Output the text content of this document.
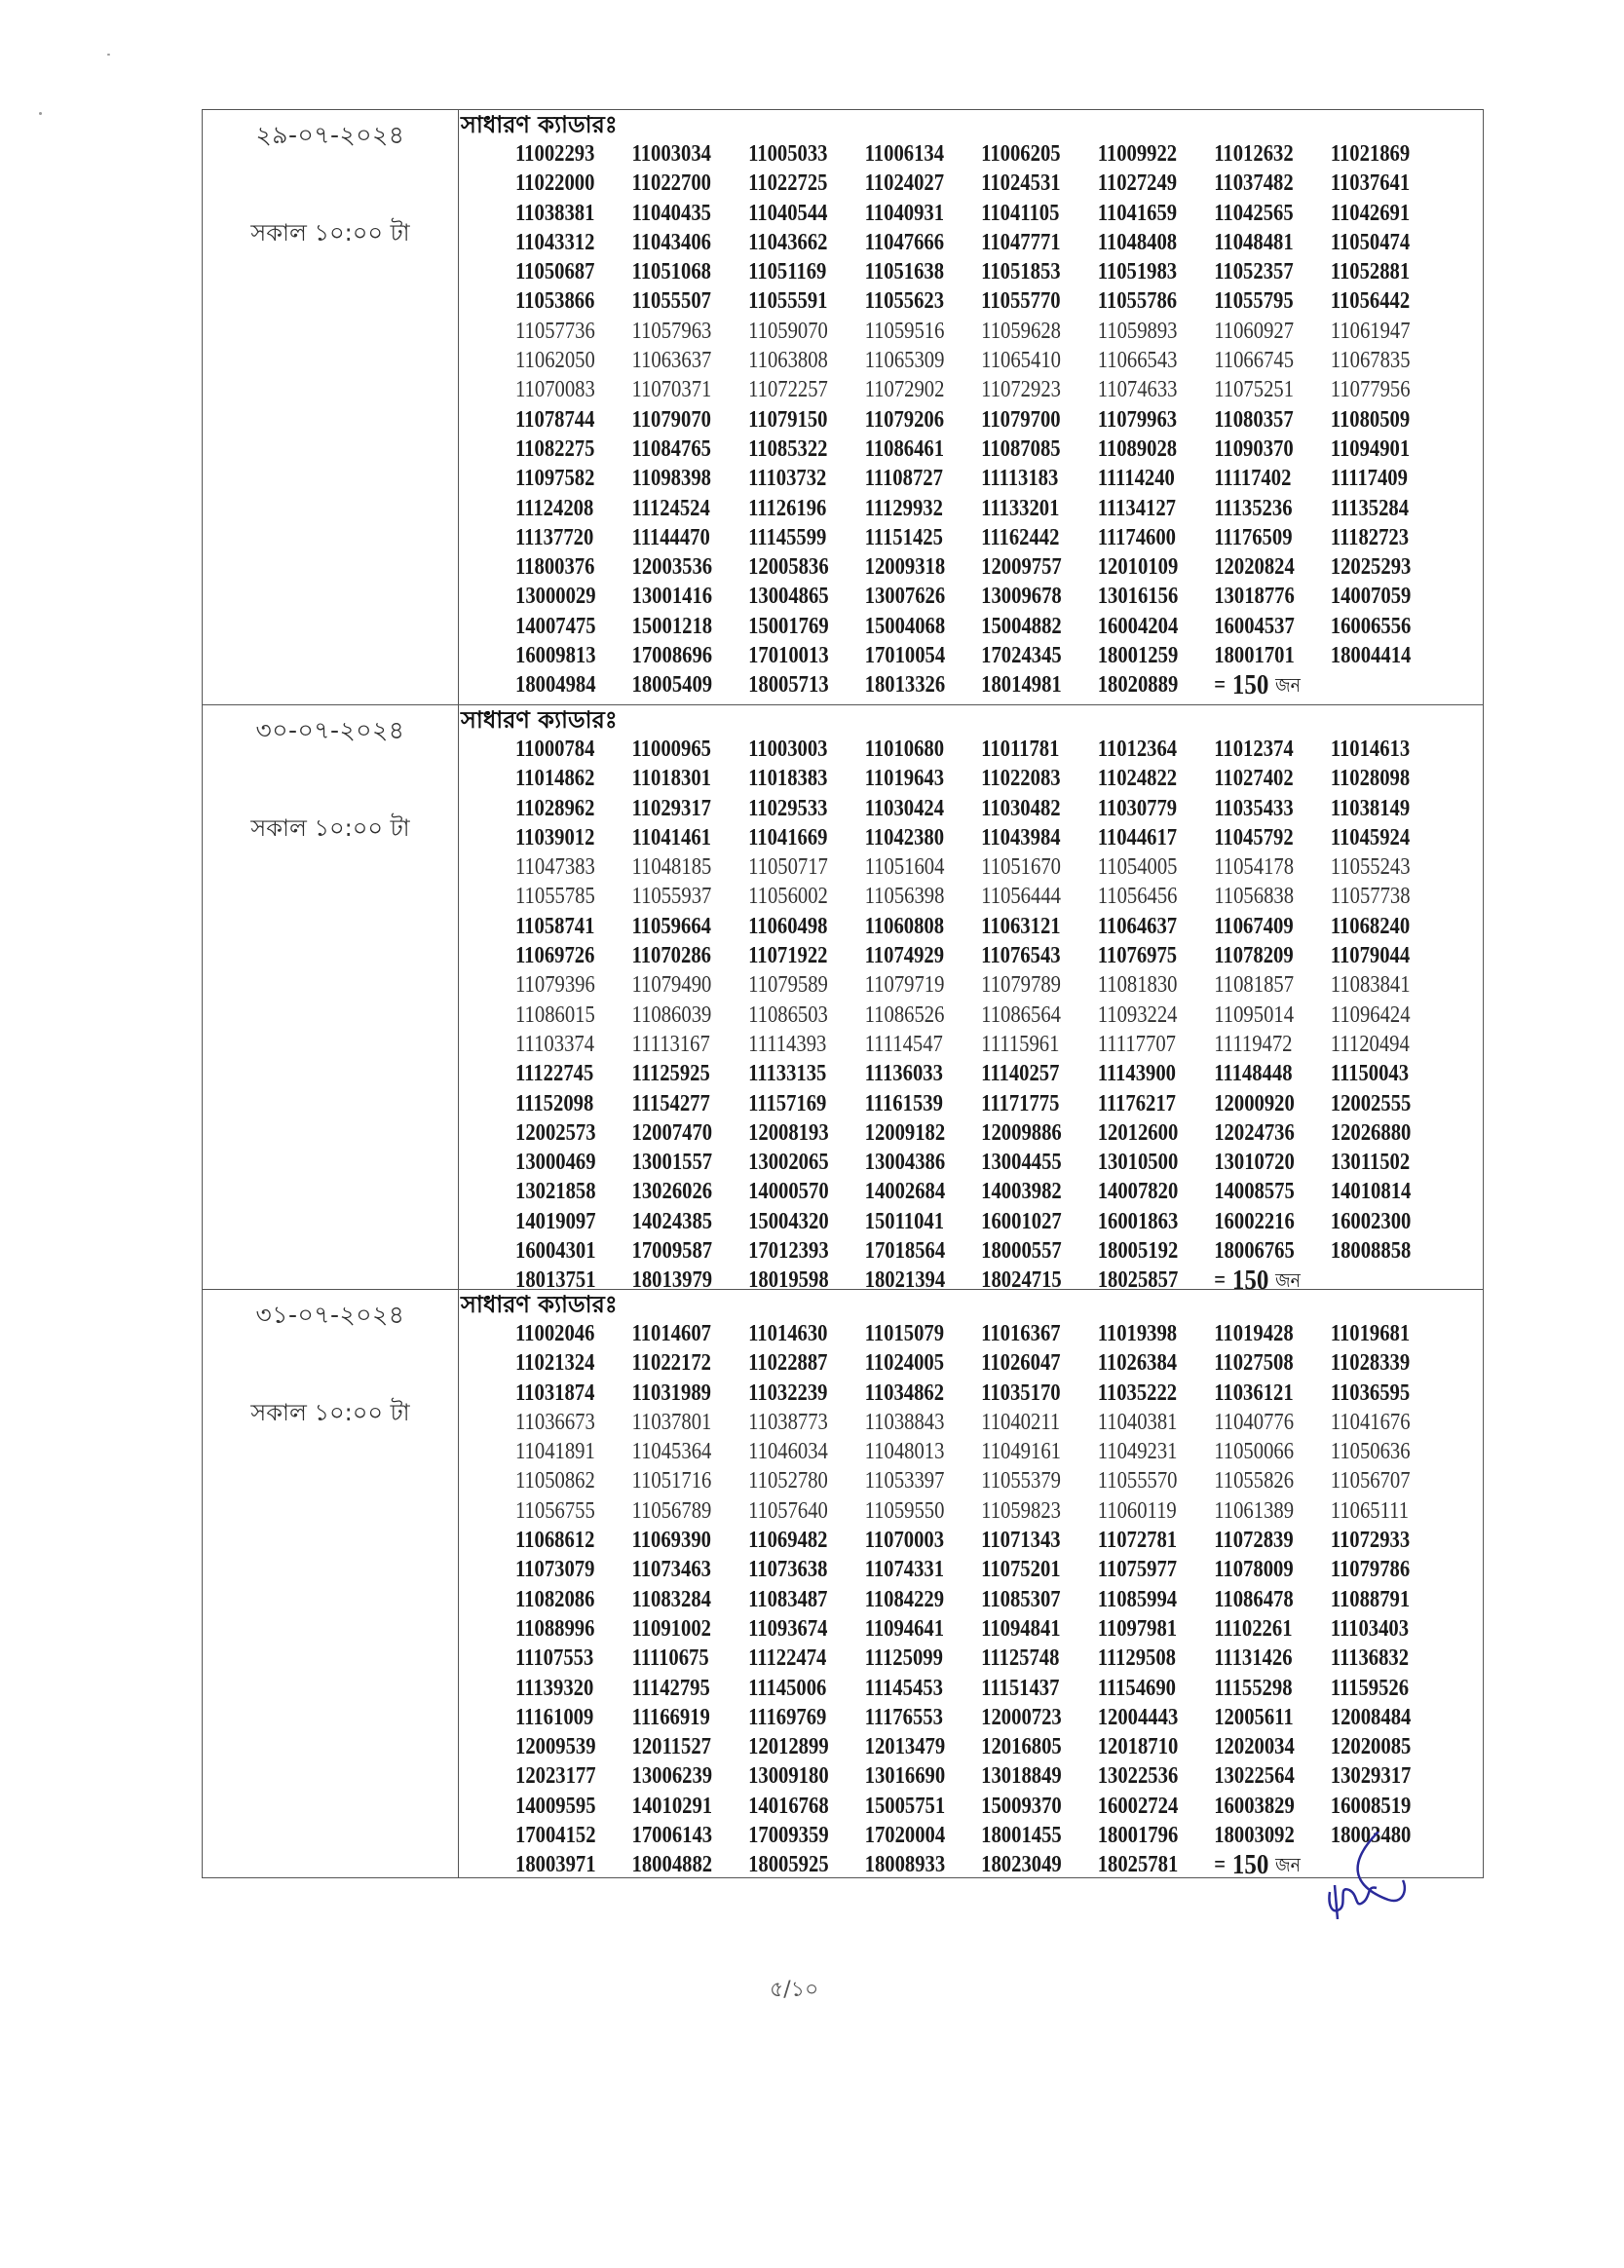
২৯-০৭-২০২৪
সকাল ১০:০০ টা
সাধারণ ক্যাডারঃ
11002293	11003034	11005033	11006134	11006205	11009922	11012632	11021869
11022000	11022700	11022725	11024027	11024531	11027249	11037482	11037641
11038381	11040435	11040544	11040931	11041105	11041659	11042565	11042691
11043312	11043406	11043662	11047666	11047771	11048408	11048481	11050474
11050687	11051068	11051169	11051638	11051853	11051983	11052357	11052881
11053866	11055507	11055591	11055623	11055770	11055786	11055795	11056442
11057736	11057963	11059070	11059516	11059628	11059893	11060927	11061947
11062050	11063637	11063808	11065309	11065410	11066543	11066745	11067835
11070083	11070371	11072257	11072902	11072923	11074633	11075251	11077956
11078744	11079070	11079150	11079206	11079700	11079963	11080357	11080509
11082275	11084765	11085322	11086461	11087085	11089028	11090370	11094901
11097582	11098398	11103732	11108727	11113183	11114240	11117402	11117409
11124208	11124524	11126196	11129932	11133201	11134127	11135236	11135284
11137720	11144470	11145599	11151425	11162442	11174600	11176509	11182723
11800376	12003536	12005836	12009318	12009757	12010109	12020824	12025293
13000029	13001416	13004865	13007626	13009678	13016156	13018776	14007059
14007475	15001218	15001769	15004068	15004882	16004204	16004537	16006556
16009813	17008696	17010013	17010054	17024345	18001259	18001701	18004414
18004984	18005409	18005713	18013326	18014981	18020889	= 150 জন
৩০-০৭-২০২৪
সকাল ১০:০০ টা
সাধারণ ক্যাডারঃ
11000784	11000965	11003003	11010680	11011781	11012364	11012374	11014613
11014862	11018301	11018383	11019643	11022083	11024822	11027402	11028098
11028962	11029317	11029533	11030424	11030482	11030779	11035433	11038149
11039012	11041461	11041669	11042380	11043984	11044617	11045792	11045924
11047383	11048185	11050717	11051604	11051670	11054005	11054178	11055243
11055785	11055937	11056002	11056398	11056444	11056456	11056838	11057738
11058741	11059664	11060498	11060808	11063121	11064637	11067409	11068240
11069726	11070286	11071922	11074929	11076543	11076975	11078209	11079044
11079396	11079490	11079589	11079719	11079789	11081830	11081857	11083841
11086015	11086039	11086503	11086526	11086564	11093224	11095014	11096424
11103374	11113167	11114393	11114547	11115961	11117707	11119472	11120494
11122745	11125925	11133135	11136033	11140257	11143900	11148448	11150043
11152098	11154277	11157169	11161539	11171775	11176217	12000920	12002555
12002573	12007470	12008193	12009182	12009886	12012600	12024736	12026880
13000469	13001557	13002065	13004386	13004455	13010500	13010720	13011502
13021858	13026026	14000570	14002684	14003982	14007820	14008575	14010814
14019097	14024385	15004320	15011041	16001027	16001863	16002216	16002300
16004301	17009587	17012393	17018564	18000557	18005192	18006765	18008858
18013751	18013979	18019598	18021394	18024715	18025857	= 150 জন
৩১-০৭-২০২৪
সকাল ১০:০০ টা
সাধারণ ক্যাডারঃ
11002046	11014607	11014630	11015079	11016367	11019398	11019428	11019681
11021324	11022172	11022887	11024005	11026047	11026384	11027508	11028339
11031874	11031989	11032239	11034862	11035170	11035222	11036121	11036595
11036673	11037801	11038773	11038843	11040211	11040381	11040776	11041676
11041891	11045364	11046034	11048013	11049161	11049231	11050066	11050636
11050862	11051716	11052780	11053397	11055379	11055570	11055826	11056707
11056755	11056789	11057640	11059550	11059823	11060119	11061389	11065111
11068612	11069390	11069482	11070003	11071343	11072781	11072839	11072933
11073079	11073463	11073638	11074331	11075201	11075977	11078009	11079786
11082086	11083284	11083487	11084229	11085307	11085994	11086478	11088791
11088996	11091002	11093674	11094641	11094841	11097981	11102261	11103403
11107553	11110675	11122474	11125099	11125748	11129508	11131426	11136832
11139320	11142795	11145006	11145453	11151437	11154690	11155298	11159526
11161009	11166919	11169769	11176553	12000723	12004443	12005611	12008484
12009539	12011527	12012899	12013479	12016805	12018710	12020034	12020085
12023177	13006239	13009180	13016690	13018849	13022536	13022564	13029317
14009595	14010291	14016768	15005751	15009370	16002724	16003829	16008519
17004152	17006143	17009359	17020004	18001455	18001796	18003092	18003480
18003971	18004882	18005925	18008933	18023049	18025781	= 150 জন
৫/১০
